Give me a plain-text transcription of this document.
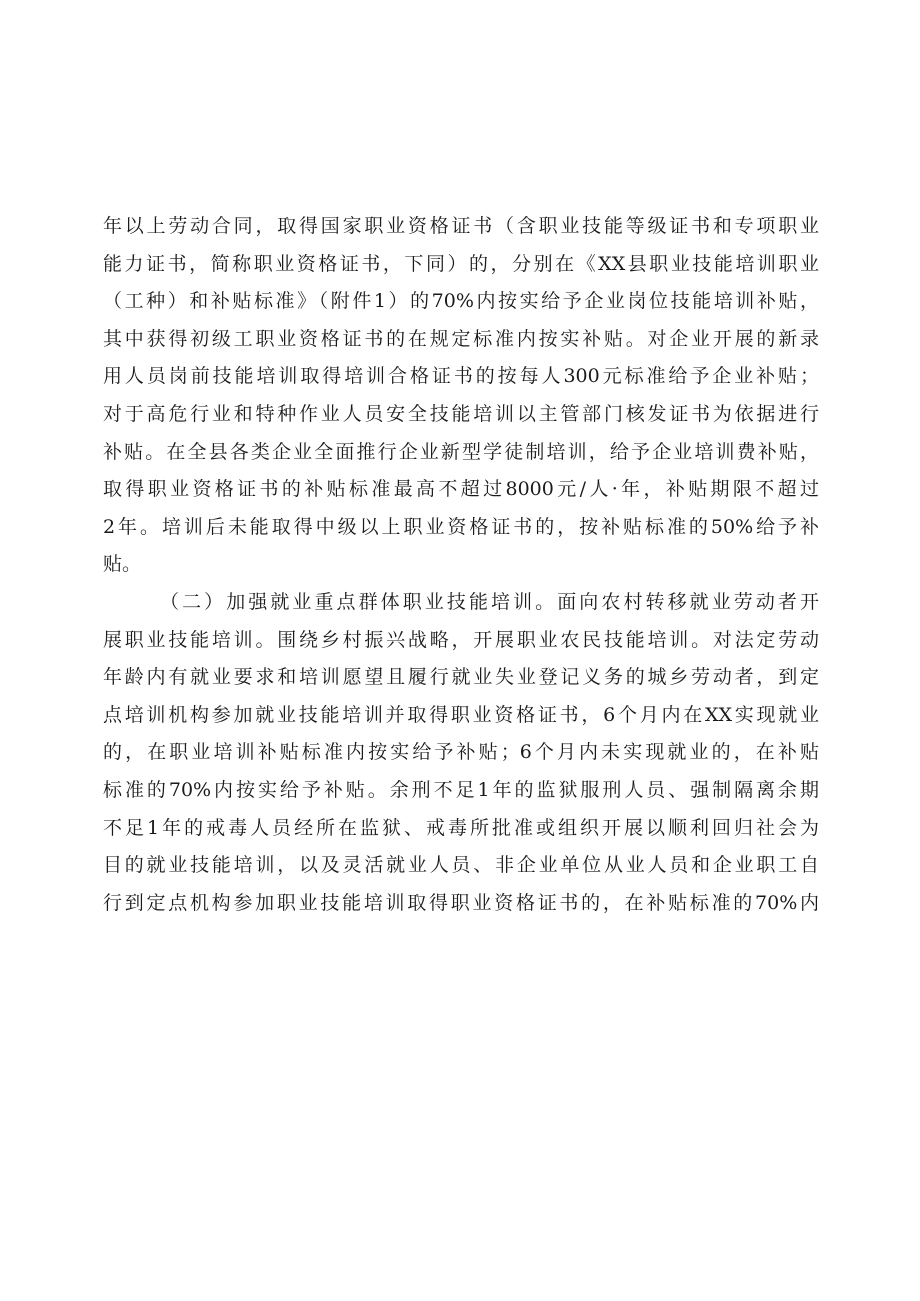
年以上劳动合同，取得国家职业资格证书（含职业技能等级证书和专项职业
能力证书，简称职业资格证书，下同）的，分别在《XX县职业技能培训职业
（工种）和补贴标准》（附件1）的70%内按实给予企业岗位技能培训补贴，
其中获得初级工职业资格证书的在规定标准内按实补贴。对企业开展的新录
用人员岗前技能培训取得培训合格证书的按每人300元标准给予企业补贴；
对于高危行业和特种作业人员安全技能培训以主管部门核发证书为依据进行
补贴。在全县各类企业全面推行企业新型学徒制培训，给予企业培训费补贴，
取得职业资格证书的补贴标准最高不超过8000元/人·年，补贴期限不超过
2年。培训后未能取得中级以上职业资格证书的，按补贴标准的50%给予补
贴。
（二）加强就业重点群体职业技能培训。面向农村转移就业劳动者开
展职业技能培训。围绕乡村振兴战略，开展职业农民技能培训。对法定劳动
年龄内有就业要求和培训愿望且履行就业失业登记义务的城乡劳动者，到定
点培训机构参加就业技能培训并取得职业资格证书，6个月内在XX实现就业
的，在职业培训补贴标准内按实给予补贴；6个月内未实现就业的，在补贴
标准的70%内按实给予补贴。余刑不足1年的监狱服刑人员、强制隔离余期
不足1年的戒毒人员经所在监狱、戒毒所批准或组织开展以顺利回归社会为
目的就业技能培训，以及灵活就业人员、非企业单位从业人员和企业职工自
行到定点机构参加职业技能培训取得职业资格证书的，在补贴标准的70%内
